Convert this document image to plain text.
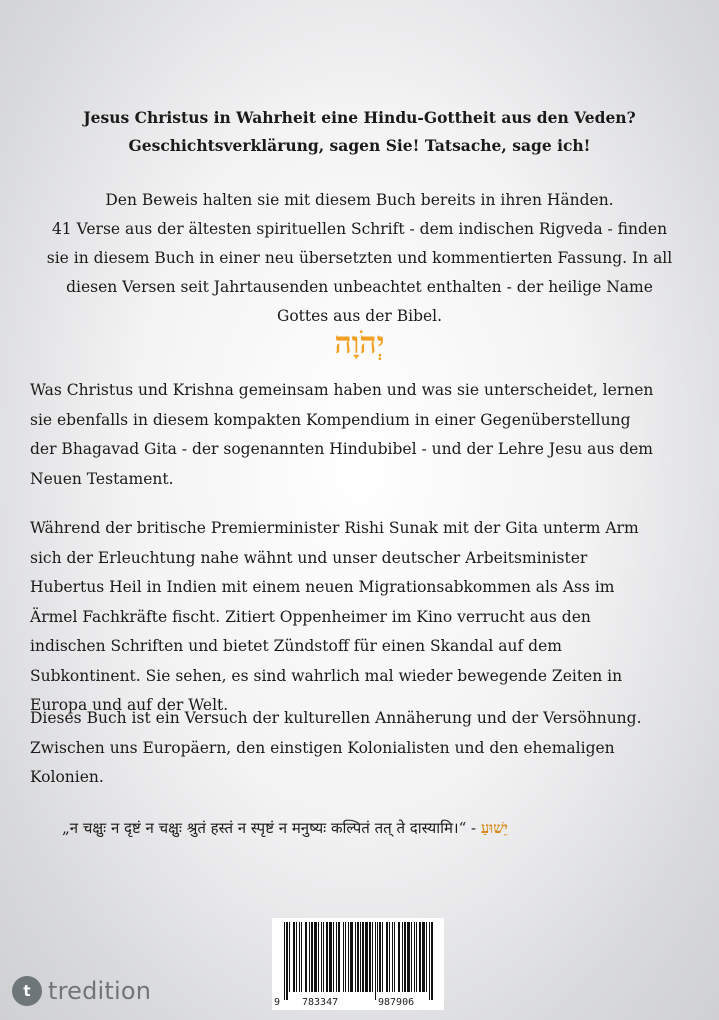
Jesus Christus in Wahrheit eine Hindu-Gottheit aus den Veden?
Geschichtsverklärung, sagen Sie! Tatsache, sage ich!
Den Beweis halten sie mit diesem Buch bereits in ihren Händen.
41 Verse aus der ältesten spirituellen Schrift - dem indischen Rigveda - finden
sie in diesem Buch in einer neu übersetzten und kommentierten Fassung. In all
diesen Versen seit Jahrtausenden unbeachtet enthalten - der heilige Name
Gottes aus der Bibel.
יְהֹוָה
Was Christus und Krishna gemeinsam haben und was sie unterscheidet, lernen
sie ebenfalls in diesem kompakten Kompendium in einer Gegenüberstellung
der Bhagavad Gita - der sogenannten Hindubibel - und der Lehre Jesu aus dem
Neuen Testament.
Während der britische Premierminister Rishi Sunak mit der Gita unterm Arm
sich der Erleuchtung nahe wähnt und unser deutscher Arbeitsminister
Hubertus Heil in Indien mit einem neuen Migrationsabkommen als Ass im
Ärmel Fachkräfte fischt. Zitiert Oppenheimer im Kino verrucht aus den
indischen Schriften und bietet Zündstoff für einen Skandal auf dem
Subkontinent. Sie sehen, es sind wahrlich mal wieder bewegende Zeiten in
Europa und auf der Welt.
Dieses Buch ist ein Versuch der kulturellen Annäherung und der Versöhnung.
Zwischen uns Europäern, den einstigen Kolonialisten und den ehemaligen
Kolonien.
„न चक्षुः न दृष्टं न चक्षुः श्रुतं हस्तं न स्पृष्टं न मनुष्यः कल्पितं तत् ते दास्यामि।“ - יֵשׁוּעַ
9 783347	987906
t tredition
